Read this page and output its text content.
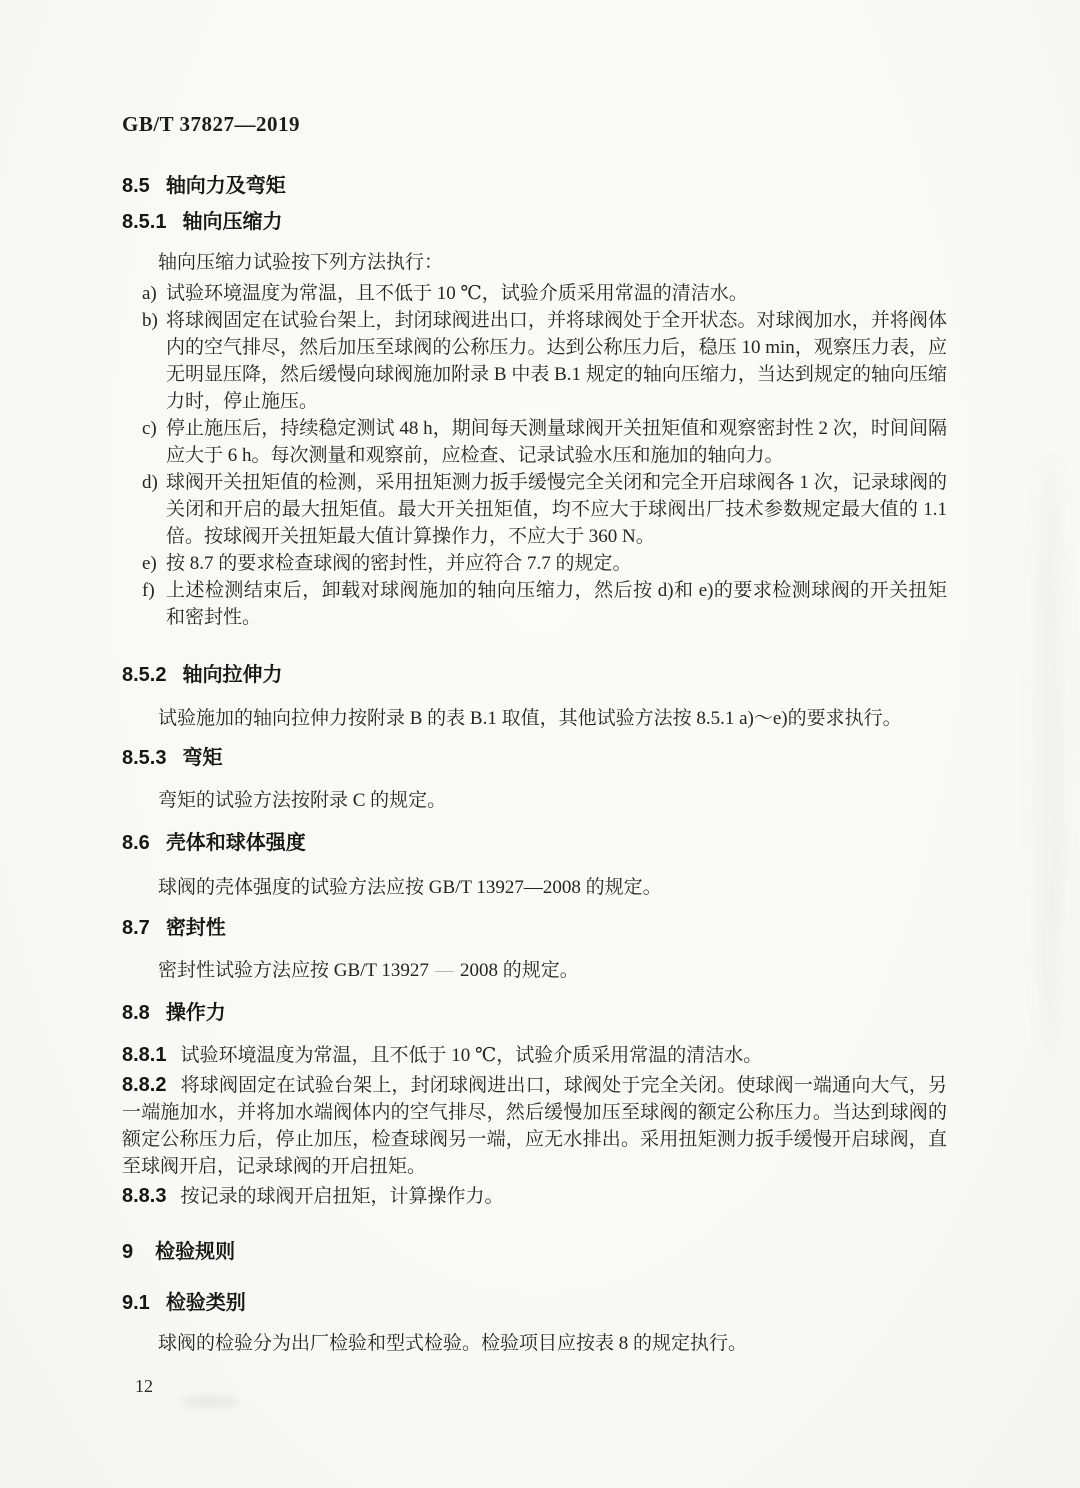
GB/T 37827—2019
8.5 轴向力及弯矩
8.5.1 轴向压缩力

轴向压缩力试验按下列方法执行：

a) 试验环境温度为常温，且不低于 10 ℃，试验介质采用常温的清洁水。
b) 将球阀固定在试验台架上，封闭球阀进出口，并将球阀处于全开状态。对球阀加水，并将阀体内的空气排尽，然后加压至球阀的公称压力。达到公称压力后，稳压 10 min，观察压力表，应无明显压降，然后缓慢向球阀施加附录 B 中表 B.1 规定的轴向压缩力，当达到规定的轴向压缩力时，停止施压。
c) 停止施压后，持续稳定测试 48 h，期间每天测量球阀开关扭矩值和观察密封性 2 次，时间间隔应大于 6 h。每次测量和观察前，应检查、记录试验水压和施加的轴向力。
d) 球阀开关扭矩值的检测，采用扭矩测力扳手缓慢完全关闭和完全开启球阀各 1 次，记录球阀的关闭和开启的最大扭矩值。最大开关扭矩值，均不应大于球阀出厂技术参数规定最大值的 1.1 倍。按球阀开关扭矩最大值计算操作力，不应大于 360 N。
e) 按 8.7 的要求检查球阀的密封性，并应符合 7.7 的规定。
f) 上述检测结束后，卸载对球阀施加的轴向压缩力，然后按 d)和 e)的要求检测球阀的开关扭矩和密封性。
8.5.2 轴向拉伸力

试验施加的轴向拉伸力按附录 B 的表 B.1 取值，其他试验方法按 8.5.1 a)～e)的要求执行。

8.5.3 弯矩

弯矩的试验方法按附录 C 的规定。

8.6 壳体和球体强度

球阀的壳体强度的试验方法应按 GB/T 13927—2008 的规定。

8.7 密封性

密封性试验方法应按 GB/T 13927 — 2008 的规定。

8.8 操作力

8.8.1 试验环境温度为常温，且不低于 10 ℃，试验介质采用常温的清洁水。

8.8.2 将球阀固定在试验台架上，封闭球阀进出口，球阀处于完全关闭。使球阀一端通向大气，另一端施加水，并将加水端阀体内的空气排尽，然后缓慢加压至球阀的额定公称压力。当达到球阀的额定公称压力后，停止加压，检查球阀另一端，应无水排出。采用扭矩测力扳手缓慢开启球阀，直至球阀开启，记录球阀的开启扭矩。

8.8.3 按记录的球阀开启扭矩，计算操作力。

9 检验规则
9.1 检验类别

球阀的检验分为出厂检验和型式检验。检验项目应按表 8 的规定执行。

12
